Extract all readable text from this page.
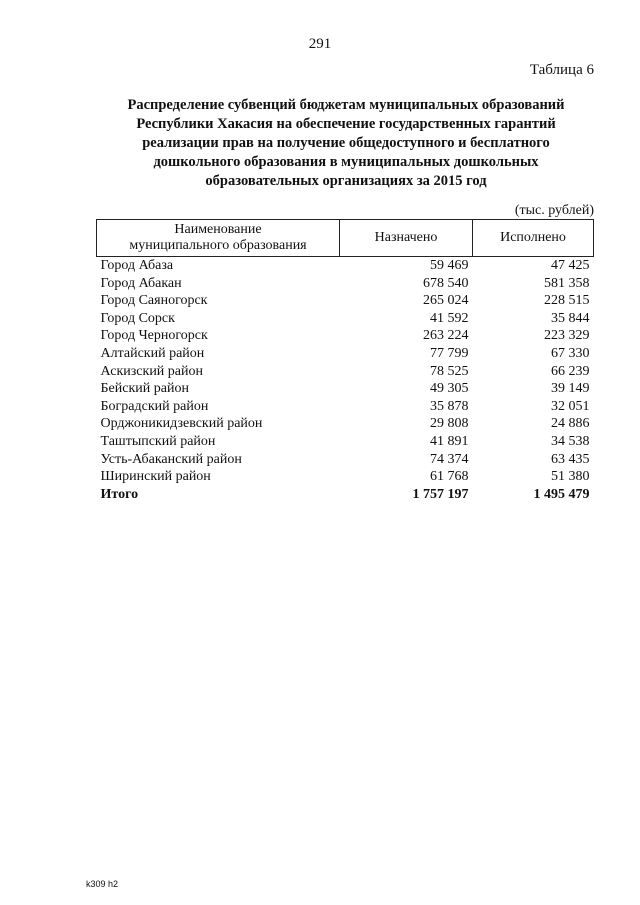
291
Таблица 6
Распределение субвенций бюджетам муниципальных образований
Республики Хакасия на обеспечение государственных гарантий
реализации прав на получение общедоступного и бесплатного
дошкольного образования в муниципальных дошкольных
образовательных организациях за 2015 год
(тыс. рублей)
Наименование
муниципального образования	Назначено	Исполнено
Город Абаза	59 469	47 425
Город Абакан	678 540	581 358
Город Саяногорск	265 024	228 515
Город Сорск	41 592	35 844
Город Черногорск	263 224	223 329
Алтайский район	77 799	67 330
Аскизский район	78 525	66 239
Бейский район	49 305	39 149
Боградский район	35 878	32 051
Орджоникидзевский район	29 808	24 886
Таштыпский район	41 891	34 538
Усть-Абаканский район	74 374	63 435
Ширинский район	61 768	51 380
Итого	1 757 197	1 495 479
k309 h2
